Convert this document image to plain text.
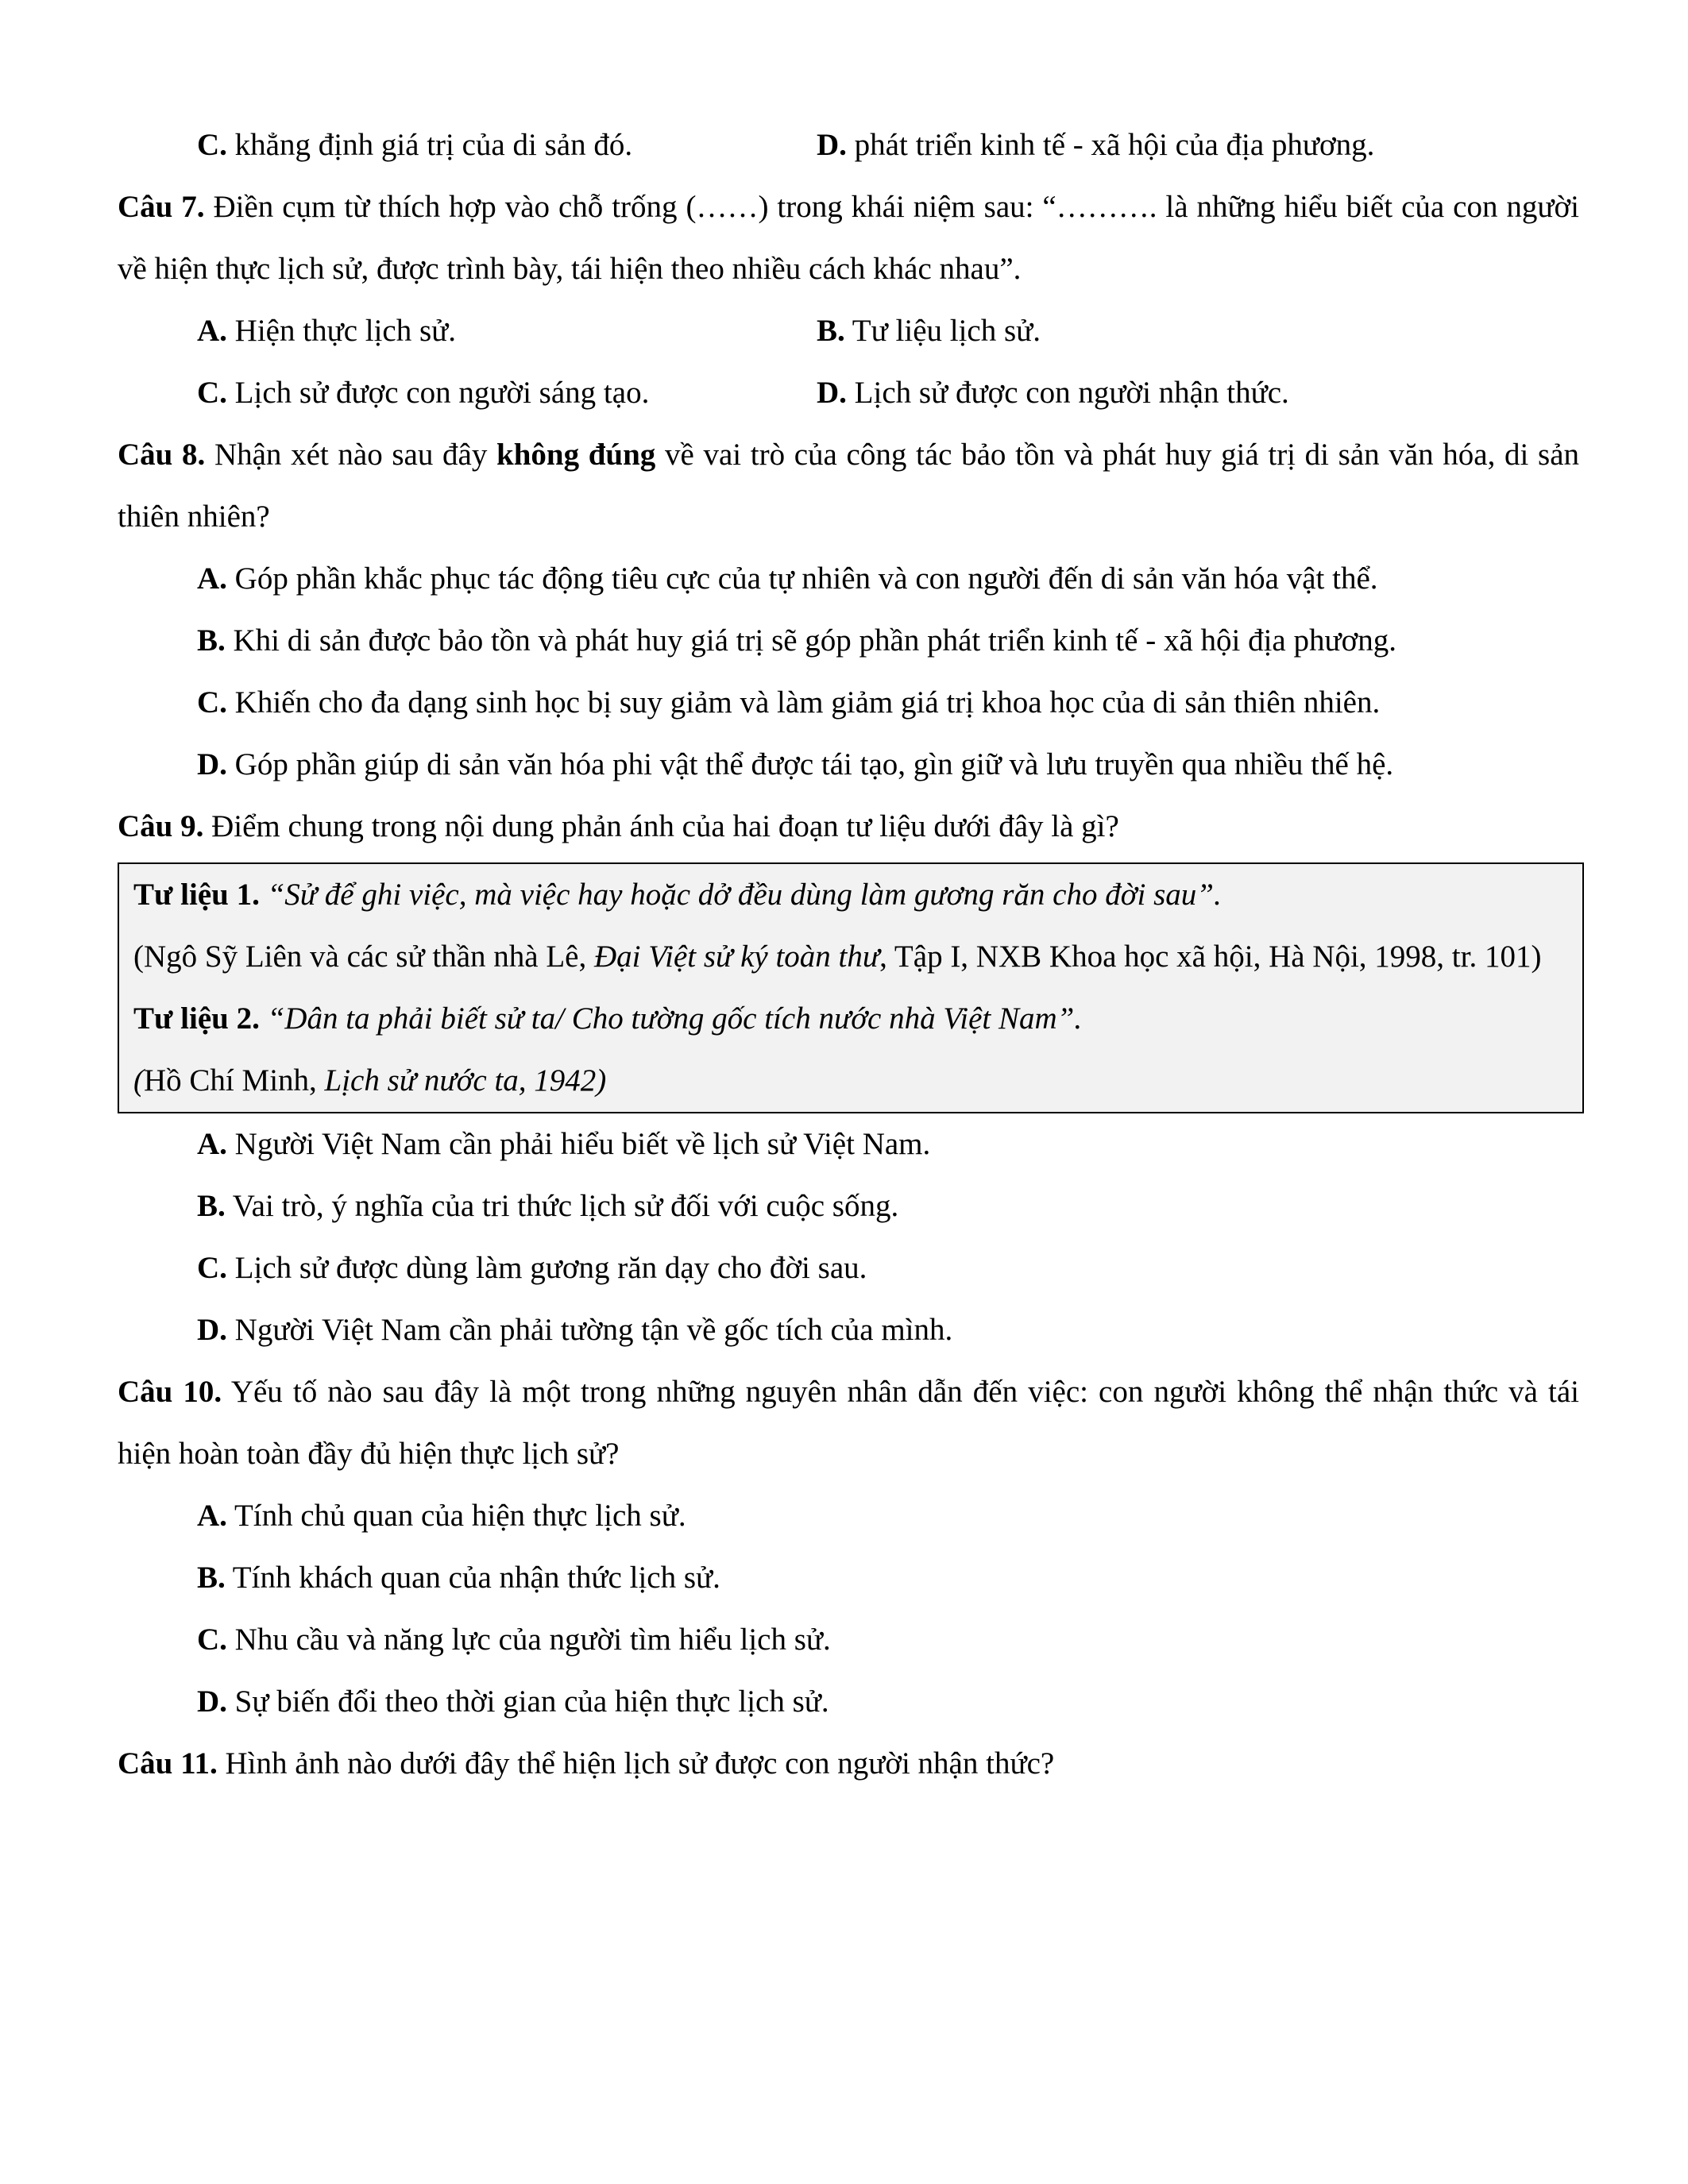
C. khẳng định giá trị của di sản đó.	D. phát triển kinh tế - xã hội của địa phương.

Câu 7. Điền cụm từ thích hợp vào chỗ trống (……) trong khái niệm sau: “………. là những hiểu biết của con người về hiện thực lịch sử, được trình bày, tái hiện theo nhiều cách khác nhau”.

A. Hiện thực lịch sử.	B. Tư liệu lịch sử.
C. Lịch sử được con người sáng tạo.	D. Lịch sử được con người nhận thức.

Câu 8. Nhận xét nào sau đây không đúng về vai trò của công tác bảo tồn và phát huy giá trị di sản văn hóa, di sản thiên nhiên?

A. Góp phần khắc phục tác động tiêu cực của tự nhiên và con người đến di sản văn hóa vật thể.

B. Khi di sản được bảo tồn và phát huy giá trị sẽ góp phần phát triển kinh tế - xã hội địa phương.

C. Khiến cho đa dạng sinh học bị suy giảm và làm giảm giá trị khoa học của di sản thiên nhiên.

D. Góp phần giúp di sản văn hóa phi vật thể được tái tạo, gìn giữ và lưu truyền qua nhiều thế hệ.

Câu 9. Điểm chung trong nội dung phản ánh của hai đoạn tư liệu dưới đây là gì?

Tư liệu 1. “Sử để ghi việc, mà việc hay hoặc dở đều dùng làm gương răn cho đời sau”.

(Ngô Sỹ Liên và các sử thần nhà Lê, Đại Việt sử ký toàn thư, Tập I, NXB Khoa học xã hội, Hà Nội, 1998, tr. 101)

Tư liệu 2. “Dân ta phải biết sử ta/ Cho tường gốc tích nước nhà Việt Nam”.

(Hồ Chí Minh, Lịch sử nước ta, 1942)

A. Người Việt Nam cần phải hiểu biết về lịch sử Việt Nam.

B. Vai trò, ý nghĩa của tri thức lịch sử đối với cuộc sống.

C. Lịch sử được dùng làm gương răn dạy cho đời sau.

D. Người Việt Nam cần phải tường tận về gốc tích của mình.

Câu 10. Yếu tố nào sau đây là một trong những nguyên nhân dẫn đến việc: con người không thể nhận thức và tái hiện hoàn toàn đầy đủ hiện thực lịch sử?

A. Tính chủ quan của hiện thực lịch sử.

B. Tính khách quan của nhận thức lịch sử.

C. Nhu cầu và năng lực của người tìm hiểu lịch sử.

D. Sự biến đổi theo thời gian của hiện thực lịch sử.

Câu 11. Hình ảnh nào dưới đây thể hiện lịch sử được con người nhận thức?
